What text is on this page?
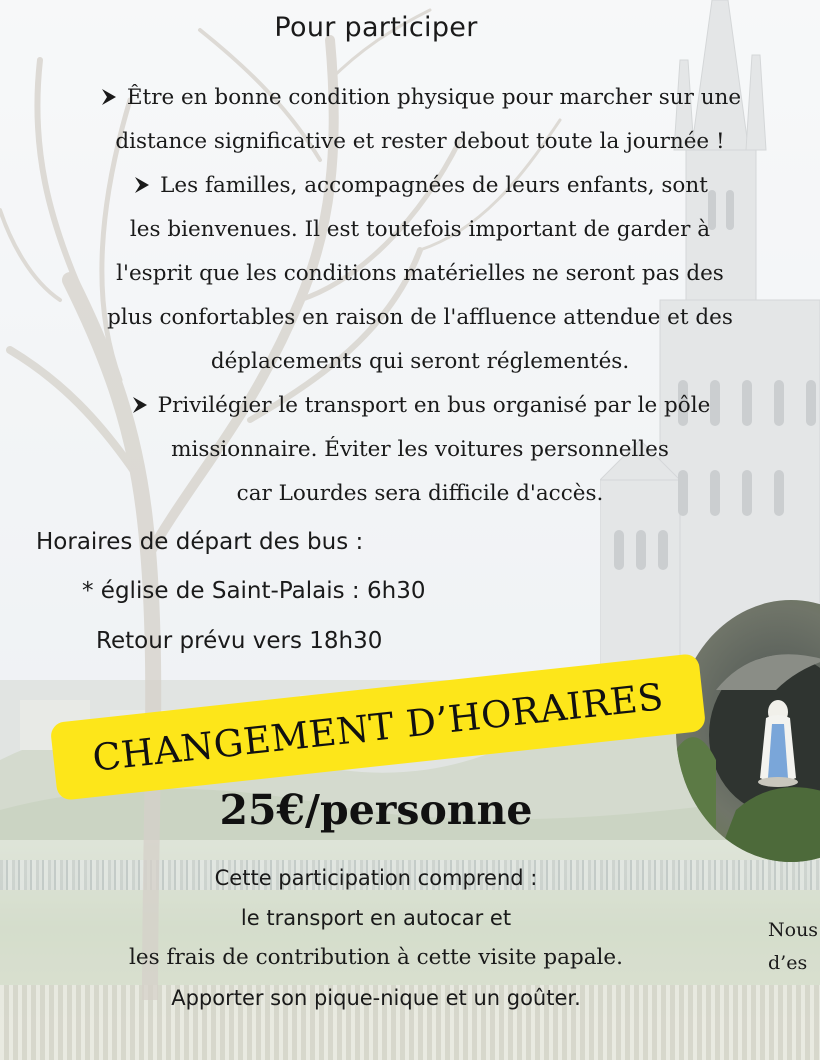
Pour participer

Être en bonne condition physique pour marcher sur une
distance significative et rester debout toute la journée !

Les familles, accompagnées de leurs enfants, sont
les bienvenues. Il est toutefois important de garder à
l'esprit que les conditions matérielles ne seront pas des
plus confortables en raison de l'affluence attendue et des
déplacements qui seront réglementés.

Privilégier le transport en bus organisé par le pôle
missionnaire. Éviter les voitures personnelles
car Lourdes sera difficile d'accès.

Horaires de départ des bus :
* église de Saint-Palais : 6h30
Retour prévu vers 18h30
CHANGEMENT D’HORAIRES
25€/personne

Cette participation comprend :

le transport en autocar et

les frais de contribution à cette visite papale.

Apporter son pique-nique et un goûter.

Nous
d’es
